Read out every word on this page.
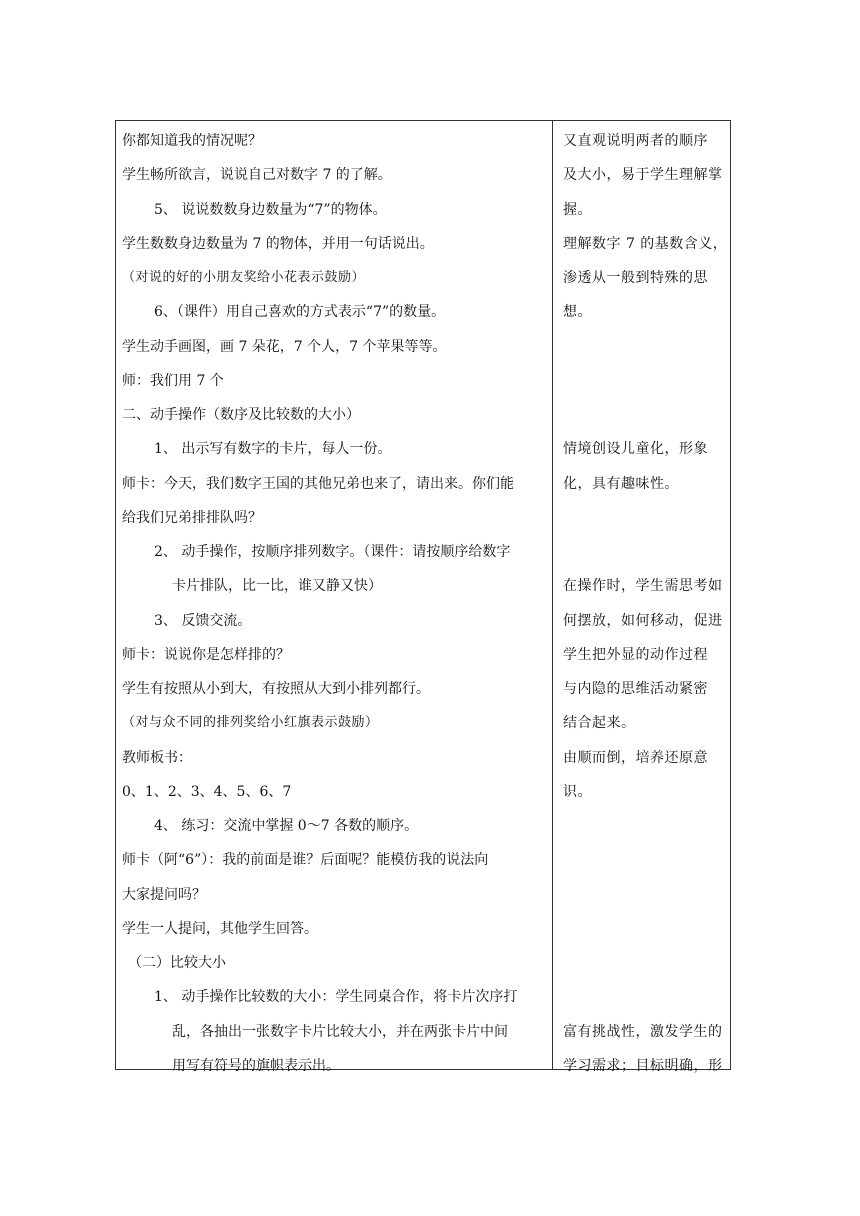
你都知道我的情况呢？
学生畅所欲言，说说自己对数字 7 的了解。
5、 说说数数身边数量为“7”的物体。
学生数数身边数量为 7 的物体，并用一句话说出。
（对说的好的小朋友奖给小花表示鼓励）
6、（课件）用自己喜欢的方式表示“7”的数量。
学生动手画图，画 7 朵花，7 个人，7 个苹果等等。
师：我们用 7 个
二、动手操作（数序及比较数的大小）
1、 出示写有数字的卡片，每人一份。
师卡：今天，我们数字王国的其他兄弟也来了，请出来。你们能
给我们兄弟排排队吗？
2、 动手操作，按顺序排列数字。（课件：请按顺序给数字
卡片排队，比一比，谁又静又快）
3、 反馈交流。
师卡：说说你是怎样排的？
学生有按照从小到大，有按照从大到小排列都行。
（对与众不同的排列奖给小红旗表示鼓励）
教师板书：
0、1、2、3、4、5、6、7
4、 练习：交流中掌握 0～7 各数的顺序。
师卡（阿“6”）：我的前面是谁？后面呢？能模仿我的说法向
大家提问吗？
学生一人提问，其他学生回答。
（二）比较大小
1、 动手操作比较数的大小：学生同桌合作，将卡片次序打
乱，各抽出一张数字卡片比较大小，并在两张卡片中间
用写有符号的旗帜表示出。
又直观说明两者的顺序
及大小，易于学生理解掌
握。
理解数字 7 的基数含义，
渗透从一般到特殊的思
想。
情境创设儿童化，形象
化，具有趣味性。
在操作时，学生需思考如
何摆放，如何移动，促进
学生把外显的动作过程
与内隐的思维活动紧密
结合起来。
由顺而倒，培养还原意
识。
富有挑战性，激发学生的
学习需求；目标明确，形
